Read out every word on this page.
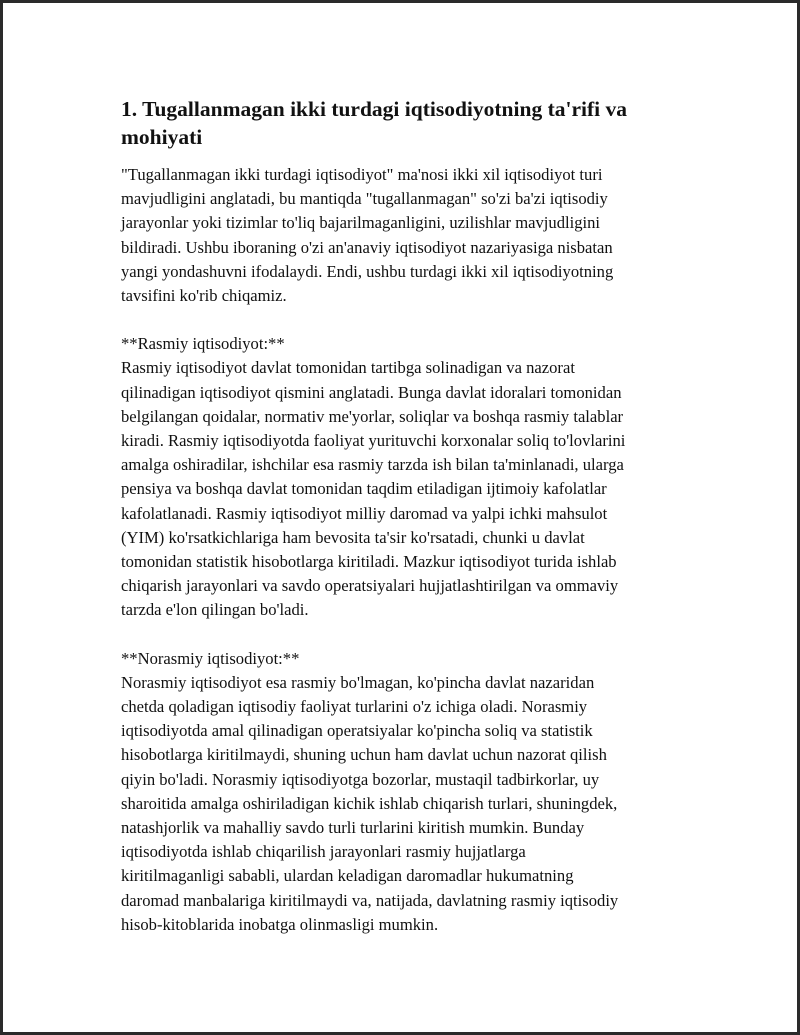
1. Tugallanmagan ikki turdagi iqtisodiyotning ta'rifi va
mohiyati

"Tugallanmagan ikki turdagi iqtisodiyot" ma'nosi ikki xil iqtisodiyot turi
mavjudligini anglatadi, bu mantiqda "tugallanmagan" so'zi ba'zi iqtisodiy
jarayonlar yoki tizimlar to'liq bajarilmaganligini, uzilishlar mavjudligini
bildiradi. Ushbu iboraning o'zi an'anaviy iqtisodiyot nazariyasiga nisbatan
yangi yondashuvni ifodalaydi. Endi, ushbu turdagi ikki xil iqtisodiyotning
tavsifini ko'rib chiqamiz.

**Rasmiy iqtisodiyot:**
Rasmiy iqtisodiyot davlat tomonidan tartibga solinadigan va nazorat
qilinadigan iqtisodiyot qismini anglatadi. Bunga davlat idoralari tomonidan
belgilangan qoidalar, normativ me'yorlar, soliqlar va boshqa rasmiy talablar
kiradi. Rasmiy iqtisodiyotda faoliyat yurituvchi korxonalar soliq to'lovlarini
amalga oshiradilar, ishchilar esa rasmiy tarzda ish bilan ta'minlanadi, ularga
pensiya va boshqa davlat tomonidan taqdim etiladigan ijtimoiy kafolatlar
kafolatlanadi. Rasmiy iqtisodiyot milliy daromad va yalpi ichki mahsulot
(YIM) ko'rsatkichlariga ham bevosita ta'sir ko'rsatadi, chunki u davlat
tomonidan statistik hisobotlarga kiritiladi. Mazkur iqtisodiyot turida ishlab
chiqarish jarayonlari va savdo operatsiyalari hujjatlashtirilgan va ommaviy
tarzda e'lon qilingan bo'ladi.

**Norasmiy iqtisodiyot:**
Norasmiy iqtisodiyot esa rasmiy bo'lmagan, ko'pincha davlat nazaridan
chetda qoladigan iqtisodiy faoliyat turlarini o'z ichiga oladi. Norasmiy
iqtisodiyotda amal qilinadigan operatsiyalar ko'pincha soliq va statistik
hisobotlarga kiritilmaydi, shuning uchun ham davlat uchun nazorat qilish
qiyin bo'ladi. Norasmiy iqtisodiyotga bozorlar, mustaqil tadbirkorlar, uy
sharoitida amalga oshiriladigan kichik ishlab chiqarish turlari, shuningdek,
natashjorlik va mahalliy savdo turli turlarini kiritish mumkin. Bunday
iqtisodiyotda ishlab chiqarilish jarayonlari rasmiy hujjatlarga
kiritilmaganligi sababli, ulardan keladigan daromadlar hukumatning
daromad manbalariga kiritilmaydi va, natijada, davlatning rasmiy iqtisodiy
hisob-kitoblarida inobatga olinmasligi mumkin.
